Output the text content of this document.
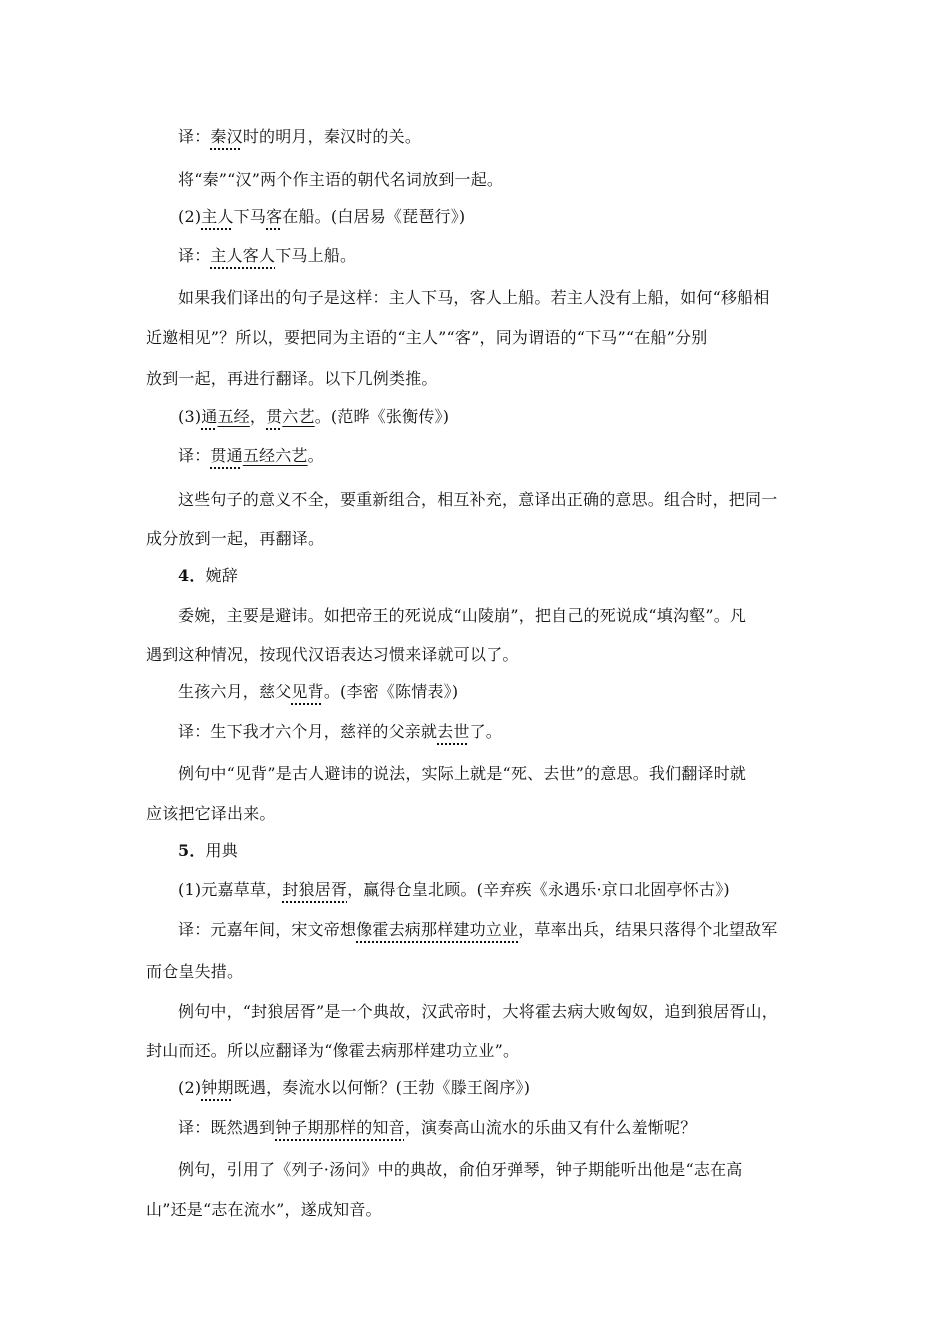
译：秦汉时的明月，秦汉时的关。
将“秦”“汉”两个作主语的朝代名词放到一起。
(2)主人下马客在船。(白居易《琵琶行》)
译：主人客人下马上船。
如果我们译出的句子是这样：主人下马，客人上船。若主人没有上船，如何“移船相
近邀相见”？所以，要把同为主语的“主人”“客”，同为谓语的“下马”“在船”分别
放到一起，再进行翻译。以下几例类推。
(3)通五经，贯六艺。(范晔《张衡传》)
译：贯通五经六艺。
这些句子的意义不全，要重新组合，相互补充，意译出正确的意思。组合时，把同一
成分放到一起，再翻译。
4．婉辞
委婉，主要是避讳。如把帝王的死说成“山陵崩”，把自己的死说成“填沟壑”。凡
遇到这种情况，按现代汉语表达习惯来译就可以了。
生孩六月，慈父见背。(李密《陈情表》)
译：生下我才六个月，慈祥的父亲就去世了。
例句中“见背”是古人避讳的说法，实际上就是“死、去世”的意思。我们翻译时就
应该把它译出来。
5．用典
(1)元嘉草草，封狼居胥，赢得仓皇北顾。(辛弃疾《永遇乐·京口北固亭怀古》)
译：元嘉年间，宋文帝想像霍去病那样建功立业，草率出兵，结果只落得个北望敌军
而仓皇失措。
例句中，“封狼居胥”是一个典故，汉武帝时，大将霍去病大败匈奴，追到狼居胥山，
封山而还。所以应翻译为“像霍去病那样建功立业”。
(2)钟期既遇，奏流水以何惭？(王勃《滕王阁序》)
译：既然遇到钟子期那样的知音，演奏高山流水的乐曲又有什么羞惭呢？
例句，引用了《列子·汤问》中的典故，俞伯牙弹琴，钟子期能听出他是“志在高
山”还是“志在流水”，遂成知音。
